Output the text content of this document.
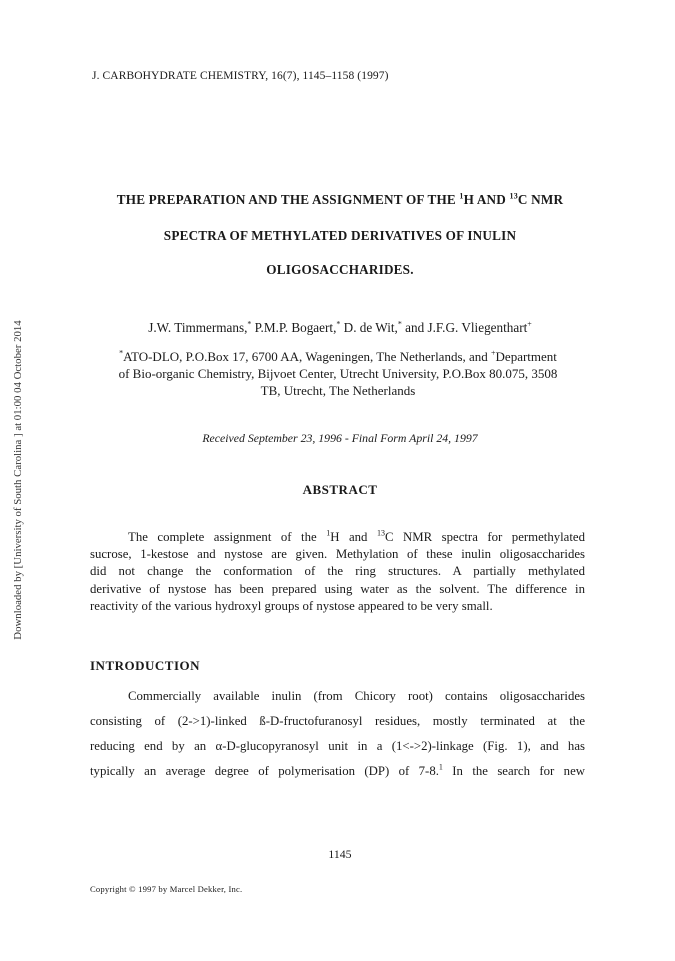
Downloaded by [University of South Carolina ] at 01:00 04 October 2014
J. CARBOHYDRATE CHEMISTRY, 16(7), 1145–1158 (1997)
THE PREPARATION AND THE ASSIGNMENT OF THE $^1$H AND $^{13}$C NMR
SPECTRA OF METHYLATED DERIVATIVES OF INULIN
OLIGOSACCHARIDES.
J.W. Timmermans,* P.M.P. Bogaert,* D. de Wit,* and J.F.G. Vliegenthart+
*ATO-DLO, P.O.Box 17, 6700 AA, Wageningen, The Netherlands, and +Department
of Bio-organic Chemistry, Bijvoet Center, Utrecht University, P.O.Box 80.075, 3508
TB, Utrecht, The Netherlands
Received September 23, 1996 - Final Form April 24, 1997
ABSTRACT
The complete assignment of the $^1$H and $^{13}$C NMR spectra for permethylated
sucrose, 1-kestose and nystose are given. Methylation of these inulin oligosaccharides
did not change the conformation of the ring structures. A partially methylated
derivative of nystose has been prepared using water as the solvent. The difference in
reactivity of the various hydroxyl groups of nystose appeared to be very small.
INTRODUCTION
Commercially available inulin (from Chicory root) contains oligosaccharides
consisting of (2->1)-linked ß-D-fructofuranosyl residues, mostly terminated at the
reducing end by an α-D-glucopyranosyl unit in a (1<->2)-linkage (Fig. 1), and has
typically an average degree of polymerisation (DP) of 7-8.$^1$ In the search for new
1145
Copyright © 1997 by Marcel Dekker, Inc.
